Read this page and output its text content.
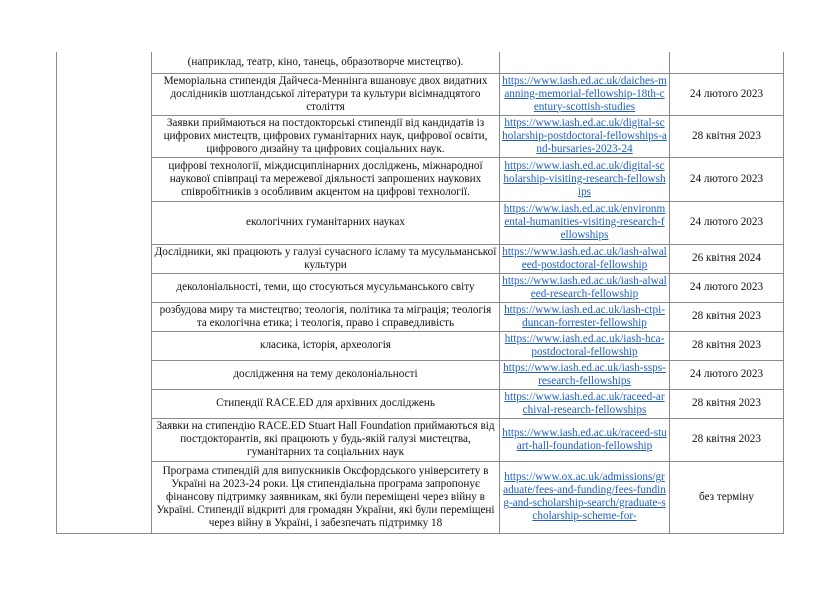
	(наприклад, театр, кіно, танець, образотворче мистецтво).		
	Меморіальна стипендія Дайчеса-Меннінга вшановує двох видатних дослідників шотландської літератури та культури вісімнадцятого століття	https://www.iash.ed.ac.uk/daiches-manning-memorial-fellowship-18th-century-scottish-studies	24 лютого 2023
	Заявки приймаються на постдокторські стипендії від кандидатів із цифрових мистецтв, цифрових гуманітарних наук, цифрової освіти, цифрового дизайну та цифрових соціальних наук.	https://www.iash.ed.ac.uk/digital-scholarship-postdoctoral-fellowships-and-bursaries-2023-24	28 квітня 2023
	цифрові технології, міждисциплінарних досліджень, міжнародної наукової співпраці та мережевої діяльності запрошених наукових співробітників з особливим акцентом на цифрові технології.	https://www.iash.ed.ac.uk/digital-scholarship-visiting-research-fellowships	24 лютого 2023
	екологічних гуманітарних науках	https://www.iash.ed.ac.uk/environmental-humanities-visiting-research-fellowships	24 лютого 2023
	Дослідники, які працюють у галузі сучасного ісламу та мусульманської культури	https://www.iash.ed.ac.uk/iash-alwaleed-postdoctoral-fellowship	26 квітня 2024
	деколоніальності, теми, що стосуються мусульманського світу	https://www.iash.ed.ac.uk/iash-alwaleed-research-fellowship	24 лютого 2023
	розбудова миру та мистецтво; теологія, політика та міграція; теологія та екологічна етика; і теологія, право і справедливість	https://www.iash.ed.ac.uk/iash-ctpi-duncan-forrester-fellowship	28 квітня 2023
	класика, історія, археологія	https://www.iash.ed.ac.uk/iash-hca-postdoctoral-fellowship	28 квітня 2023
	дослідження на тему деколоніальності	https://www.iash.ed.ac.uk/iash-ssps-research-fellowships	24 лютого 2023
	Стипендії RACE.ED для архівних досліджень	https://www.iash.ed.ac.uk/raceed-archival-research-fellowships	28 квітня 2023
	Заявки на стипендію RACE.ED Stuart Hall Foundation приймаються від постдокторантів, які працюють у будь-якій галузі мистецтва, гуманітарних та соціальних наук	https://www.iash.ed.ac.uk/raceed-stuart-hall-foundation-fellowship	28 квітня 2023
	Програма стипендій для випускників Оксфордського університету в Україні на 2023-24 роки. Ця стипендіальна програма запропонує фінансову підтримку заявникам, які були переміщені через війну в Україні. Стипендії відкриті для громадян України, які були переміщені через війну в Україні, і забезпечать підтримку 18	https://www.ox.ac.uk/admissions/graduate/fees-and-funding/fees-funding-and-scholarship-search/graduate-scholarship-scheme-for-	без терміну
